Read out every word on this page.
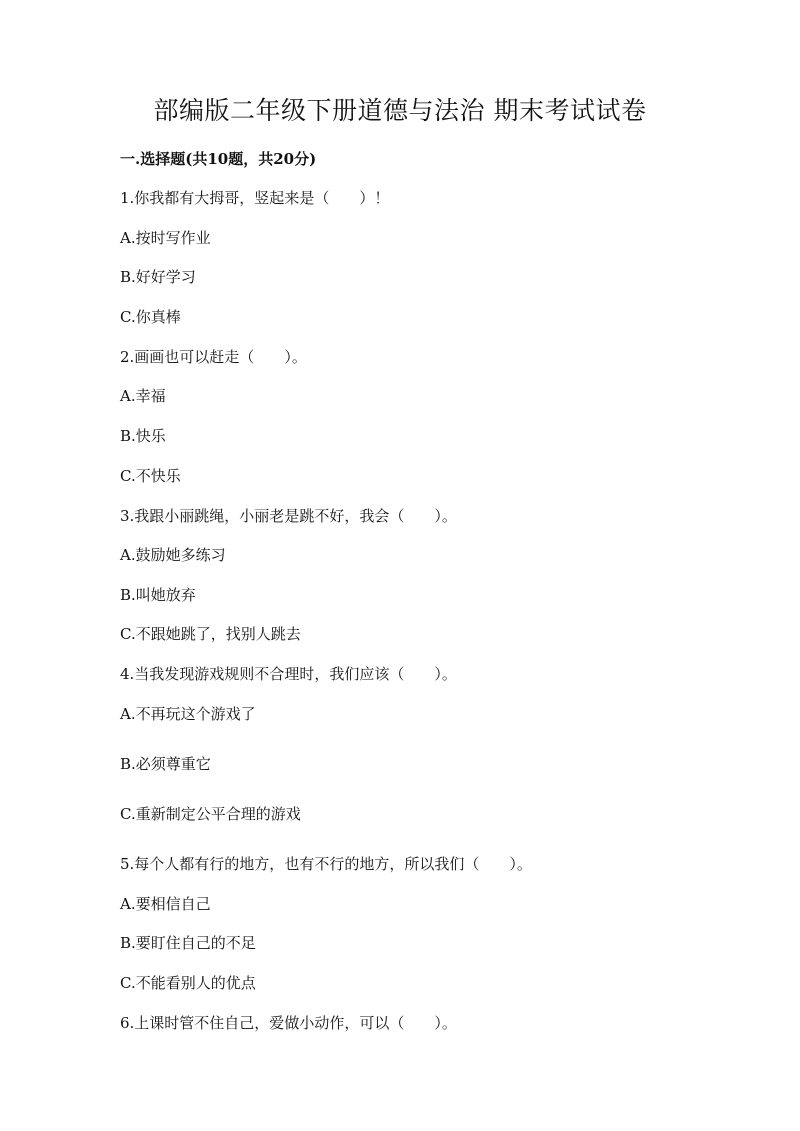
部编版二年级下册道德与法治 期末考试试卷
一.选择题(共10题，共20分)
1.你我都有大拇哥，竖起来是（　　）！
A.按时写作业
B.好好学习
C.你真棒
2.画画也可以赶走（　　）。
A.幸福
B.快乐
C.不快乐
3.我跟小丽跳绳，小丽老是跳不好，我会（　　）。
A.鼓励她多练习
B.叫她放弃
C.不跟她跳了，找别人跳去
4.当我发现游戏规则不合理时，我们应该（　　）。
A.不再玩这个游戏了
B.必须尊重它
C.重新制定公平合理的游戏
5.每个人都有行的地方，也有不行的地方，所以我们（　　）。
A.要相信自己
B.要盯住自己的不足
C.不能看别人的优点
6.上课时管不住自己，爱做小动作，可以（　　）。
